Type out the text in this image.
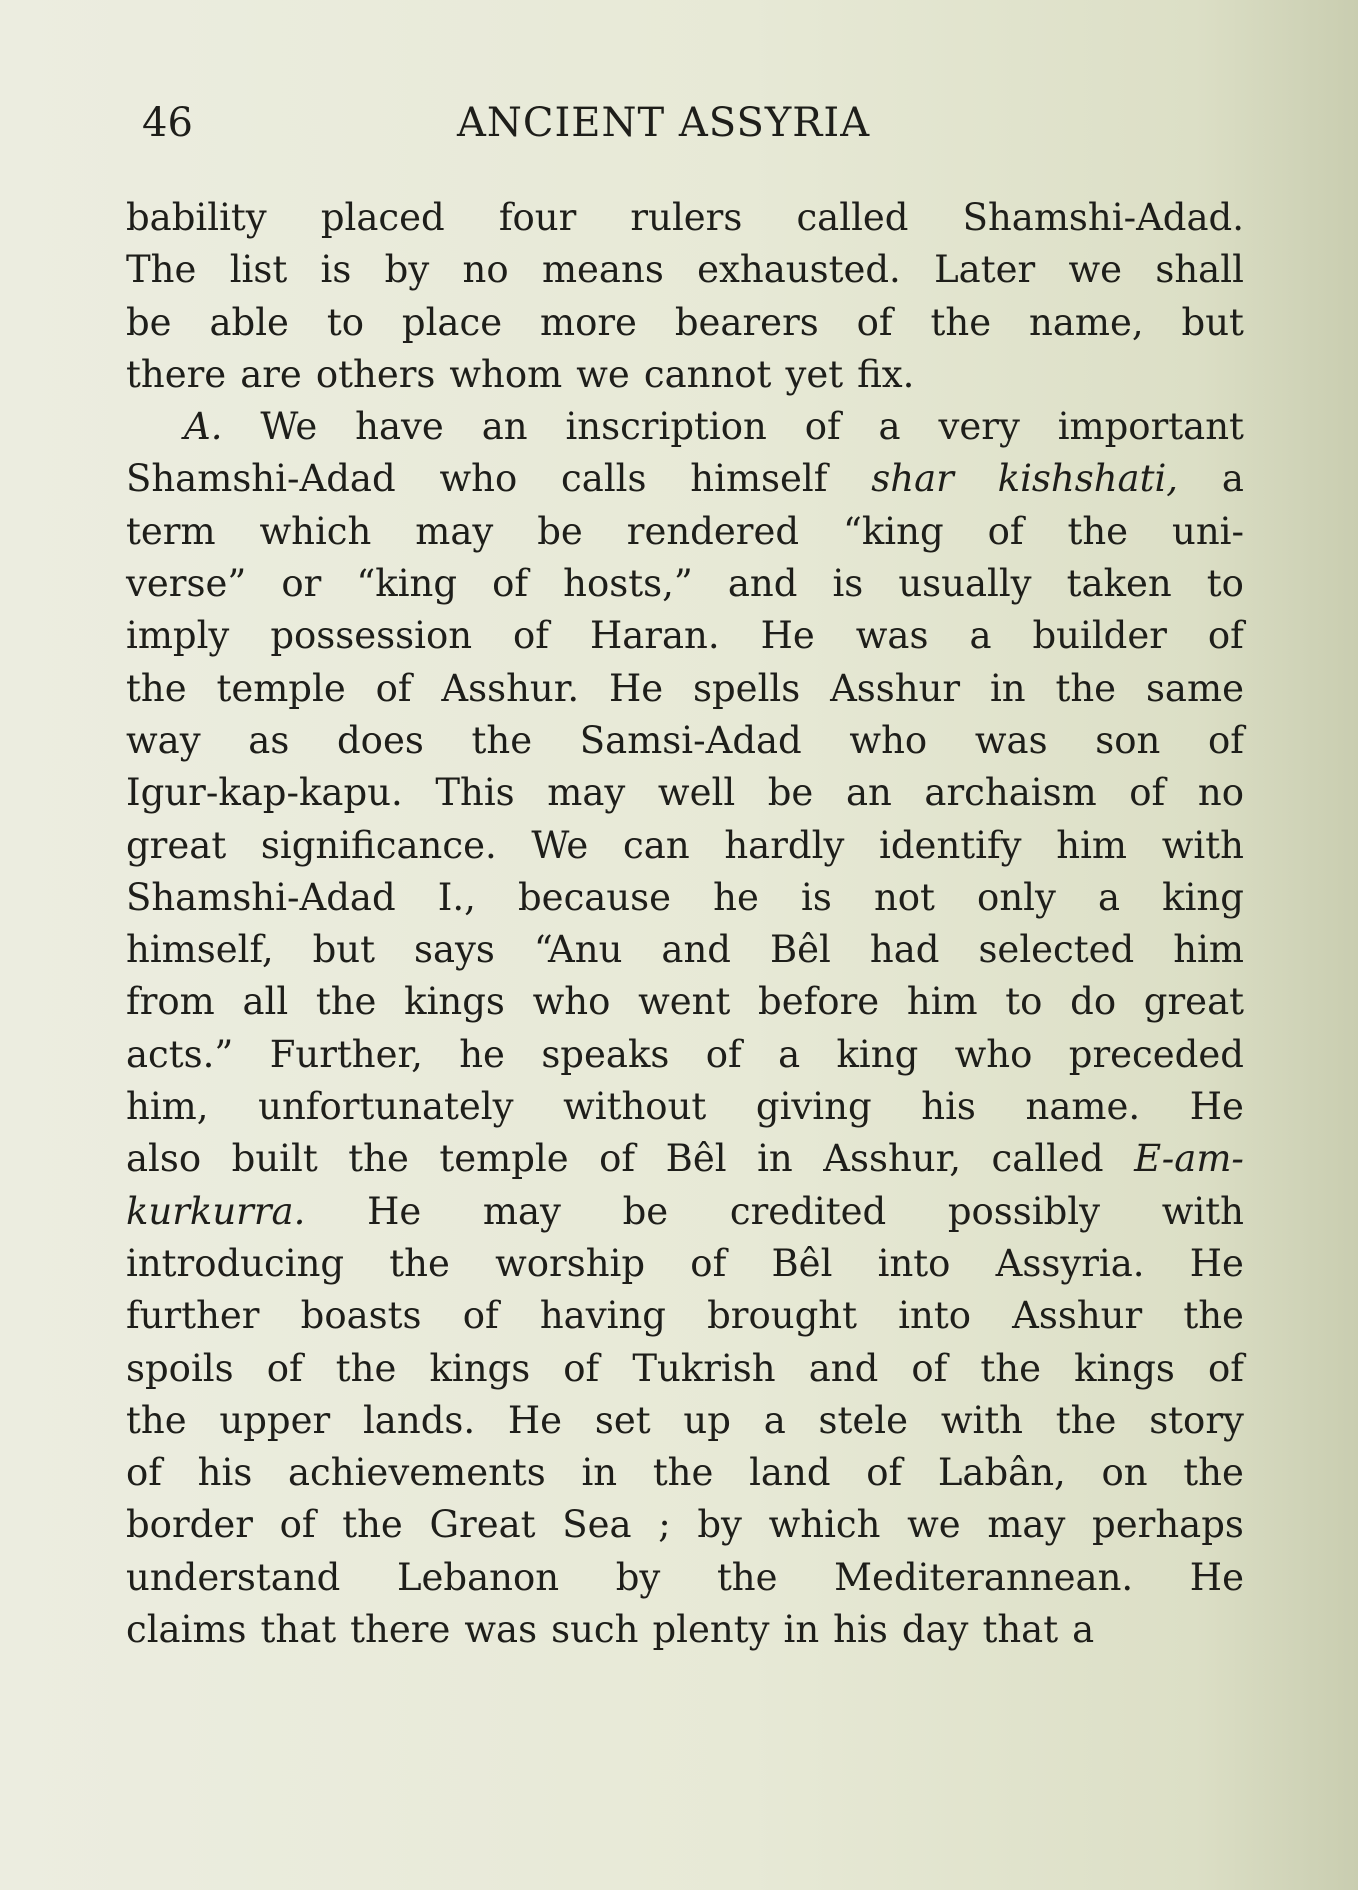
46	ANCIENT ASSYRIA
bability placed four rulers called Shamshi-Adad.
The list is by no means exhausted. Later we shall
be able to place more bearers of the name, but
there are others whom we cannot yet fix.
A. We have an inscription of a very important
Shamshi-Adad who calls himself shar kishshati, a
term which may be rendered “king of the uni-
verse” or “king of hosts,” and is usually taken to
imply possession of Haran. He was a builder of
the temple of Asshur. He spells Asshur in the same
way as does the Samsi-Adad who was son of
Igur-kap-kapu. This may well be an archaism of no
great significance. We can hardly identify him with
Shamshi-Adad I., because he is not only a king
himself, but says “Anu and Bêl had selected him
from all the kings who went before him to do great
acts.” Further, he speaks of a king who preceded
him, unfortunately without giving his name. He
also built the temple of Bêl in Asshur, called E-am-
kurkurra. He may be credited possibly with
introducing the worship of Bêl into Assyria. He
further boasts of having brought into Asshur the
spoils of the kings of Tukrish and of the kings of
the upper lands. He set up a stele with the story
of his achievements in the land of Labân, on the
border of the Great Sea ; by which we may perhaps
understand Lebanon by the Mediterannean. He
claims that there was such plenty in his day that a
